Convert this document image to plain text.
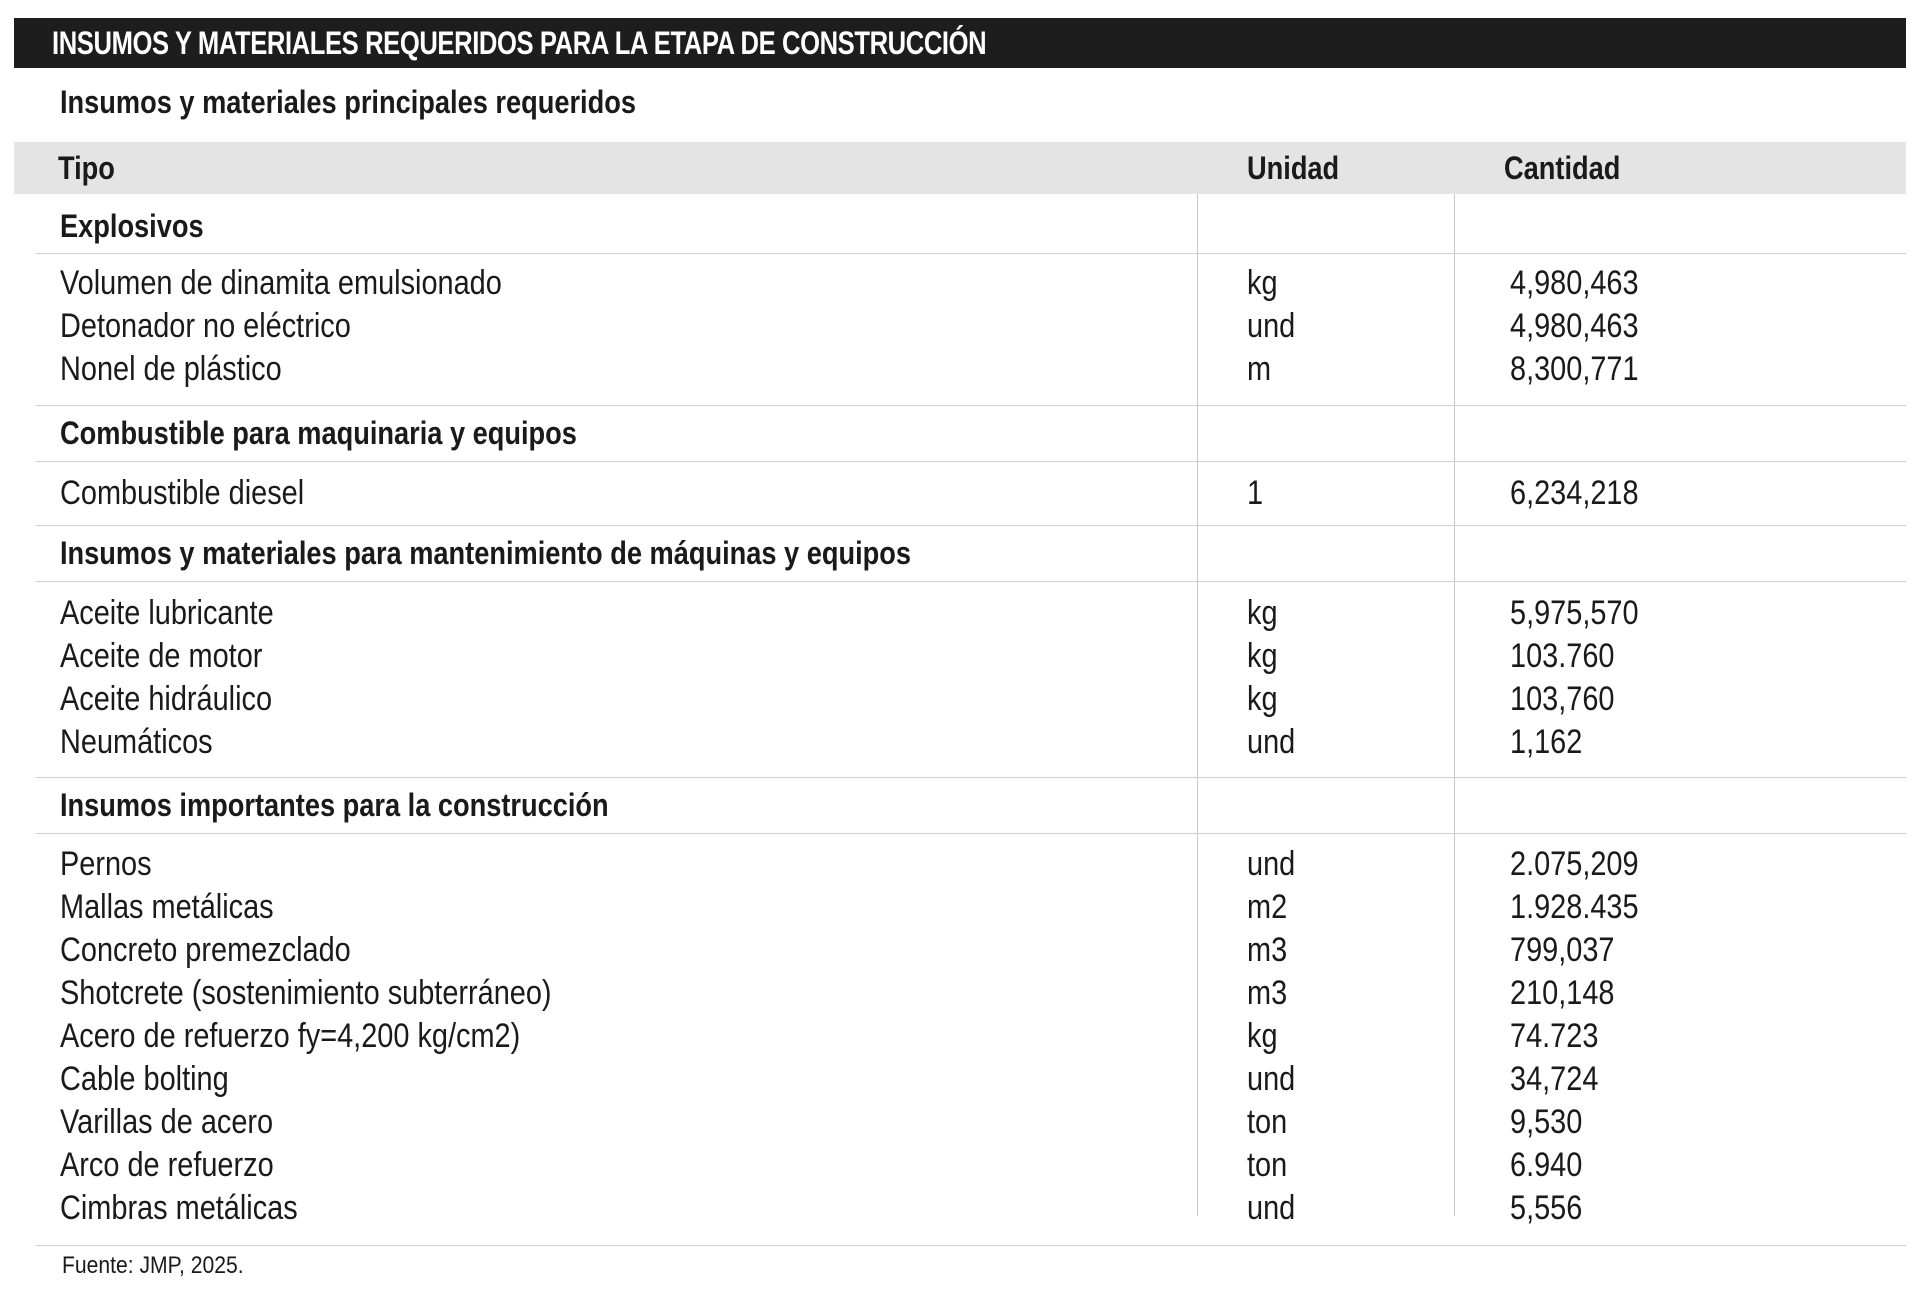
INSUMOS Y MATERIALES REQUERIDOS PARA LA ETAPA DE CONSTRUCCIÓN
Insumos y materiales principales requeridos
Tipo	Unidad	Cantidad
Explosivos
Volumen de dinamita emulsionado	kg	4,980,463
Detonador no eléctrico	und	4,980,463
Nonel de plástico	m	8,300,771
Combustible para maquinaria y equipos
Combustible diesel	1	6,234,218
Insumos y materiales para mantenimiento de máquinas y equipos
Aceite lubricante	kg	5,975,570
Aceite de motor	kg	103.760
Aceite hidráulico	kg	103,760
Neumáticos	und	1,162
Insumos importantes para la construcción
Pernos	und	2.075,209
Mallas metálicas	m2	1.928.435
Concreto premezclado	m3	799,037
Shotcrete (sostenimiento subterráneo)	m3	210,148
Acero de refuerzo fy=4,200 kg/cm2)	kg	74.723
Cable bolting	und	34,724
Varillas de acero	ton	9,530
Arco de refuerzo	ton	6.940
Cimbras metálicas	und	5,556
Fuente: JMP, 2025.
